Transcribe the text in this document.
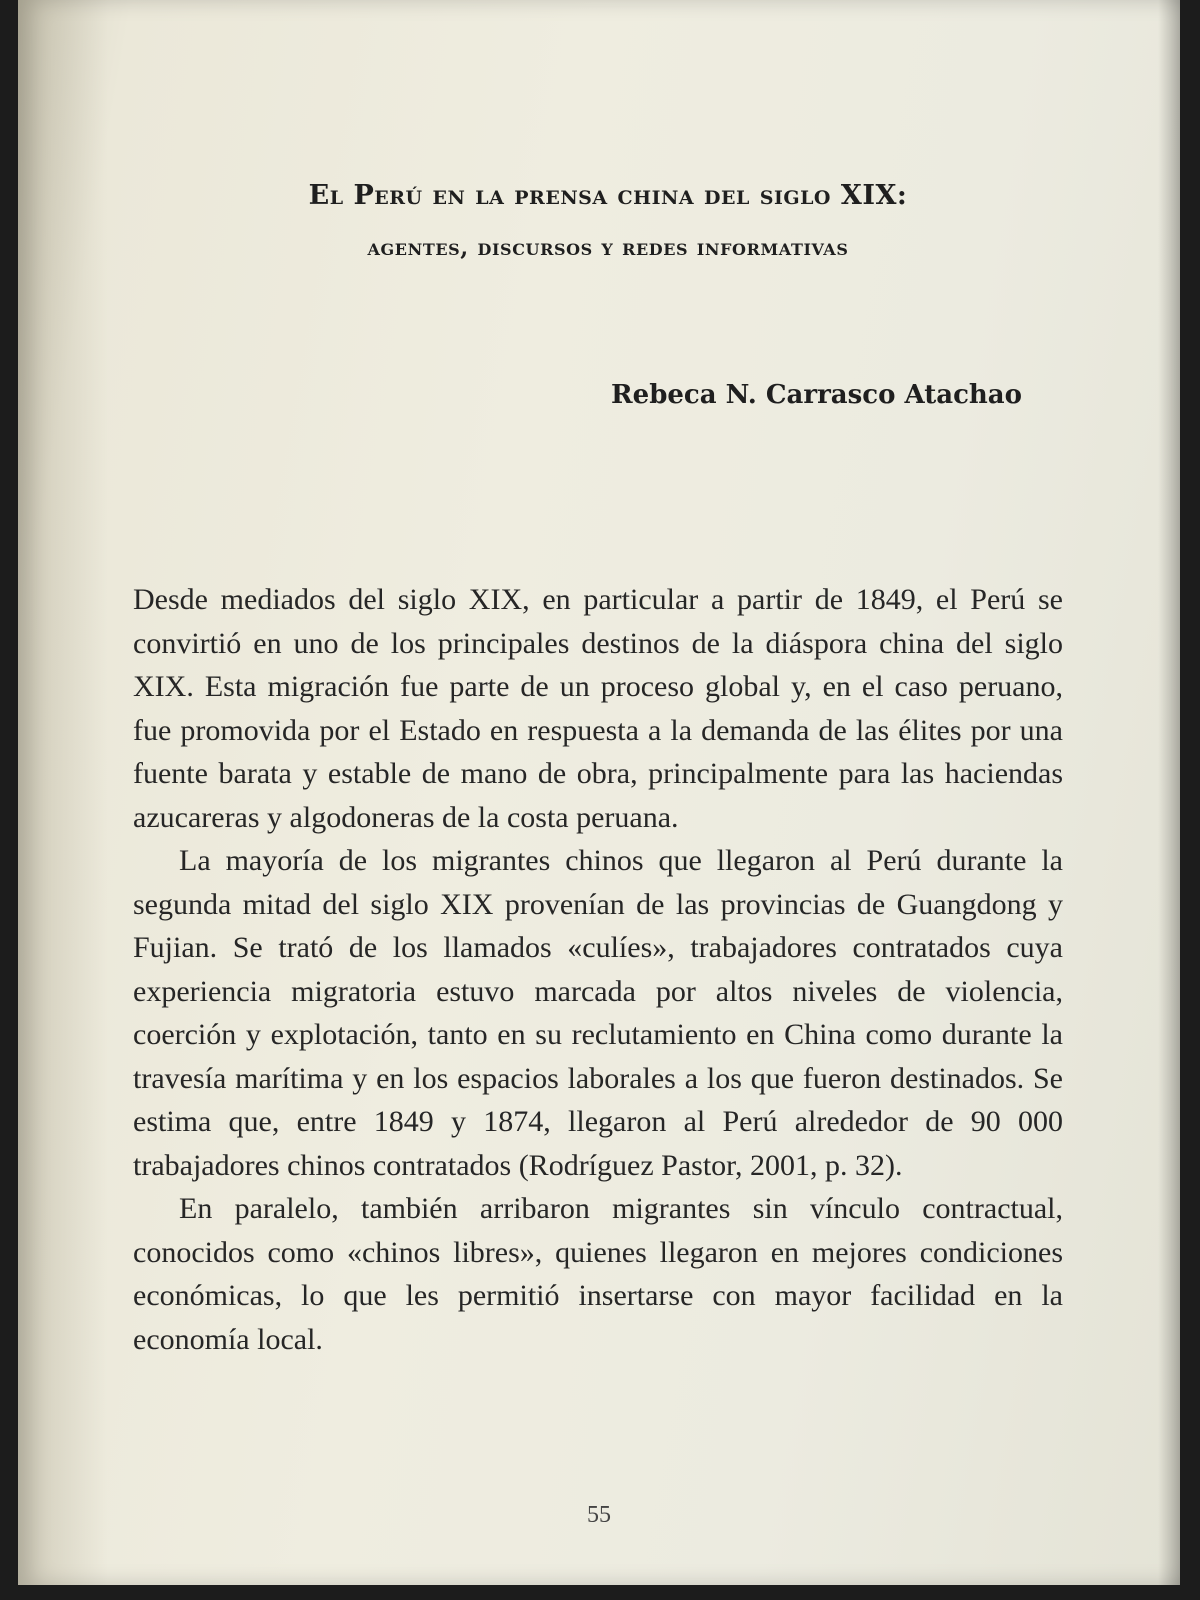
El Perú en la prensa china del siglo XIX:
agentes, discursos y redes informativas
Rebeca N. Carrasco Atachao

Desde mediados del siglo XIX, en particular a partir de 1849, el Perú se convirtió en uno de los principales destinos de la diáspora china del siglo XIX. Esta migración fue parte de un proceso global y, en el caso peruano, fue promovida por el Estado en respuesta a la demanda de las élites por una fuente barata y estable de mano de obra, principalmente para las haciendas azucareras y algodoneras de la costa peruana.

La mayoría de los migrantes chinos que llegaron al Perú durante la segunda mitad del siglo XIX provenían de las provincias de Guangdong y Fujian. Se trató de los llamados «culíes», trabajadores contratados cuya experiencia migratoria estuvo marcada por altos niveles de violencia, coerción y explotación, tanto en su reclutamiento en China como durante la travesía marítima y en los espacios laborales a los que fueron destinados. Se estima que, entre 1849 y 1874, llegaron al Perú alrededor de 90 000 trabajadores chinos contratados (Rodríguez Pastor, 2001, p. 32).

En paralelo, también arribaron migrantes sin vínculo contractual, conocidos como «chinos libres», quienes llegaron en mejores condiciones económicas, lo que les permitió insertarse con mayor facilidad en la economía local.

55
